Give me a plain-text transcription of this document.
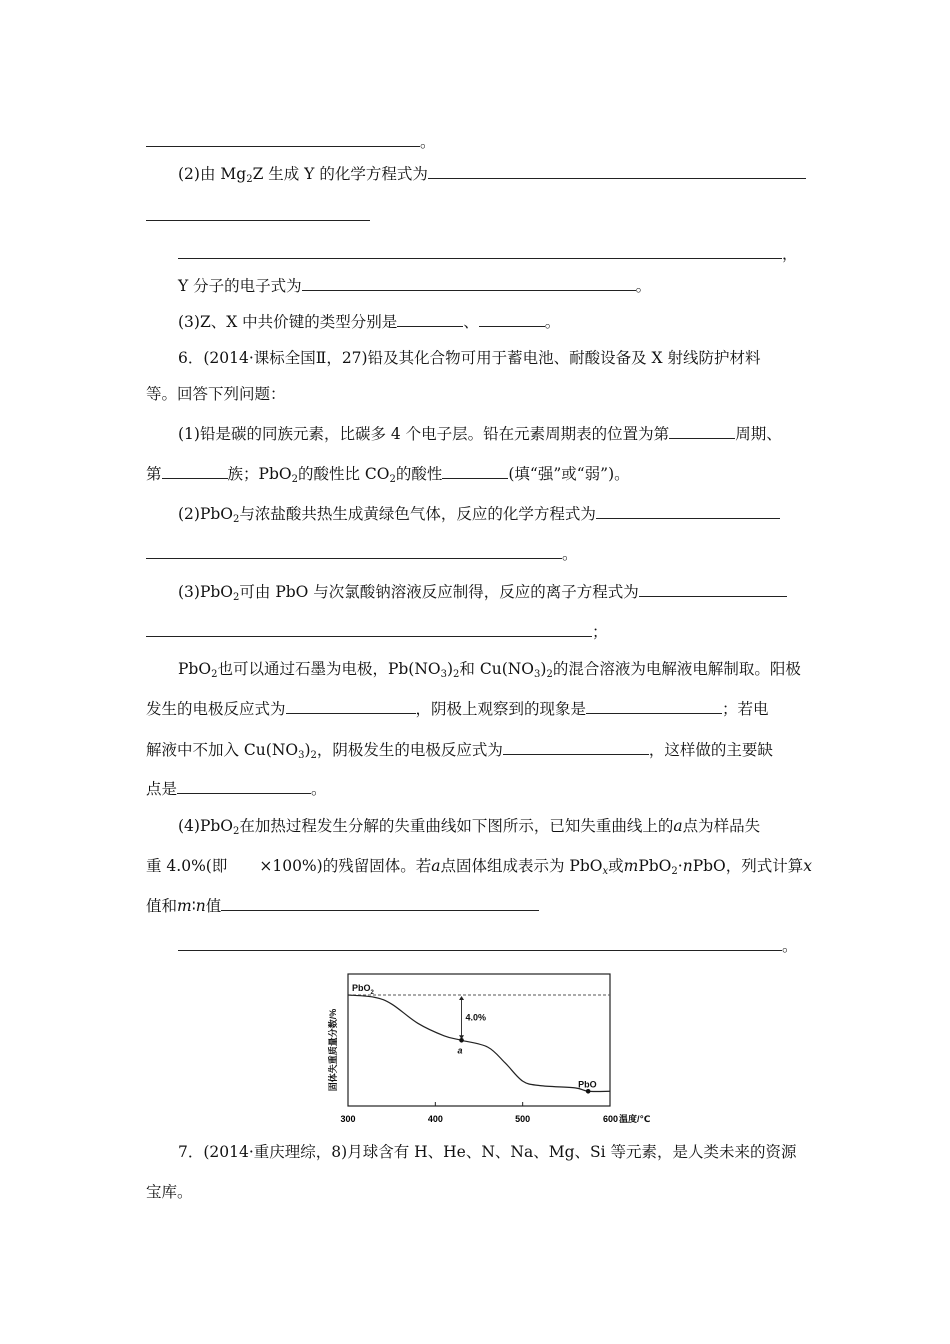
。
(2)由 $Mg_2Z$ 生成 Y 的化学方程式为
，
Y 分子的电子式为	。
(3)Z、X 中共价键的类型分别是	、	。
6．(2014·课标全国Ⅱ，27)铅及其化合物可用于蓄电池、耐酸设备及 X 射线防护材料
等。回答下列问题：
(1)铅是碳的同族元素，比碳多 4 个电子层。铅在元素周期表的位置为第	周期、
第	族；PbO$_2$的酸性比 $CO_2$的酸性	(填“强”或“弱”)。
(2)PbO$_2$与浓盐酸共热生成黄绿色气体，反应的化学方程式为
。
(3)PbO$_2$可由 PbO 与次氯酸钠溶液反应制得，反应的离子方程式为
；
PbO$_2$也可以通过石墨为电极，$Pb(NO_3)_2$和 $Cu(NO_3)_2$的混合溶液为电解液电解制取。阳极
发生的电极反应式为	，阴极上观察到的现象是	；若电
解液中不加入 $Cu(NO_3)_2$，阴极发生的电极反应式为	，这样做的主要缺
点是	。
(4)PbO$_2$在加热过程发生分解的失重曲线如下图所示，已知失重曲线上的a点为样品失
重 4.0%(即 ×100%)的残留固体。若a点固体组成表示为 PbO$_x$或mPbO$_2$·nPbO，列式计算x
值和m∶n值
。
固体失重质量分数/%
300	400	500	600
4.0%
a
PbO
PbO$_2$
温度/℃
7．(2014·重庆理综，8)月球含有 H、He、N、Na、Mg、Si 等元素，是人类未来的资源
宝库。
